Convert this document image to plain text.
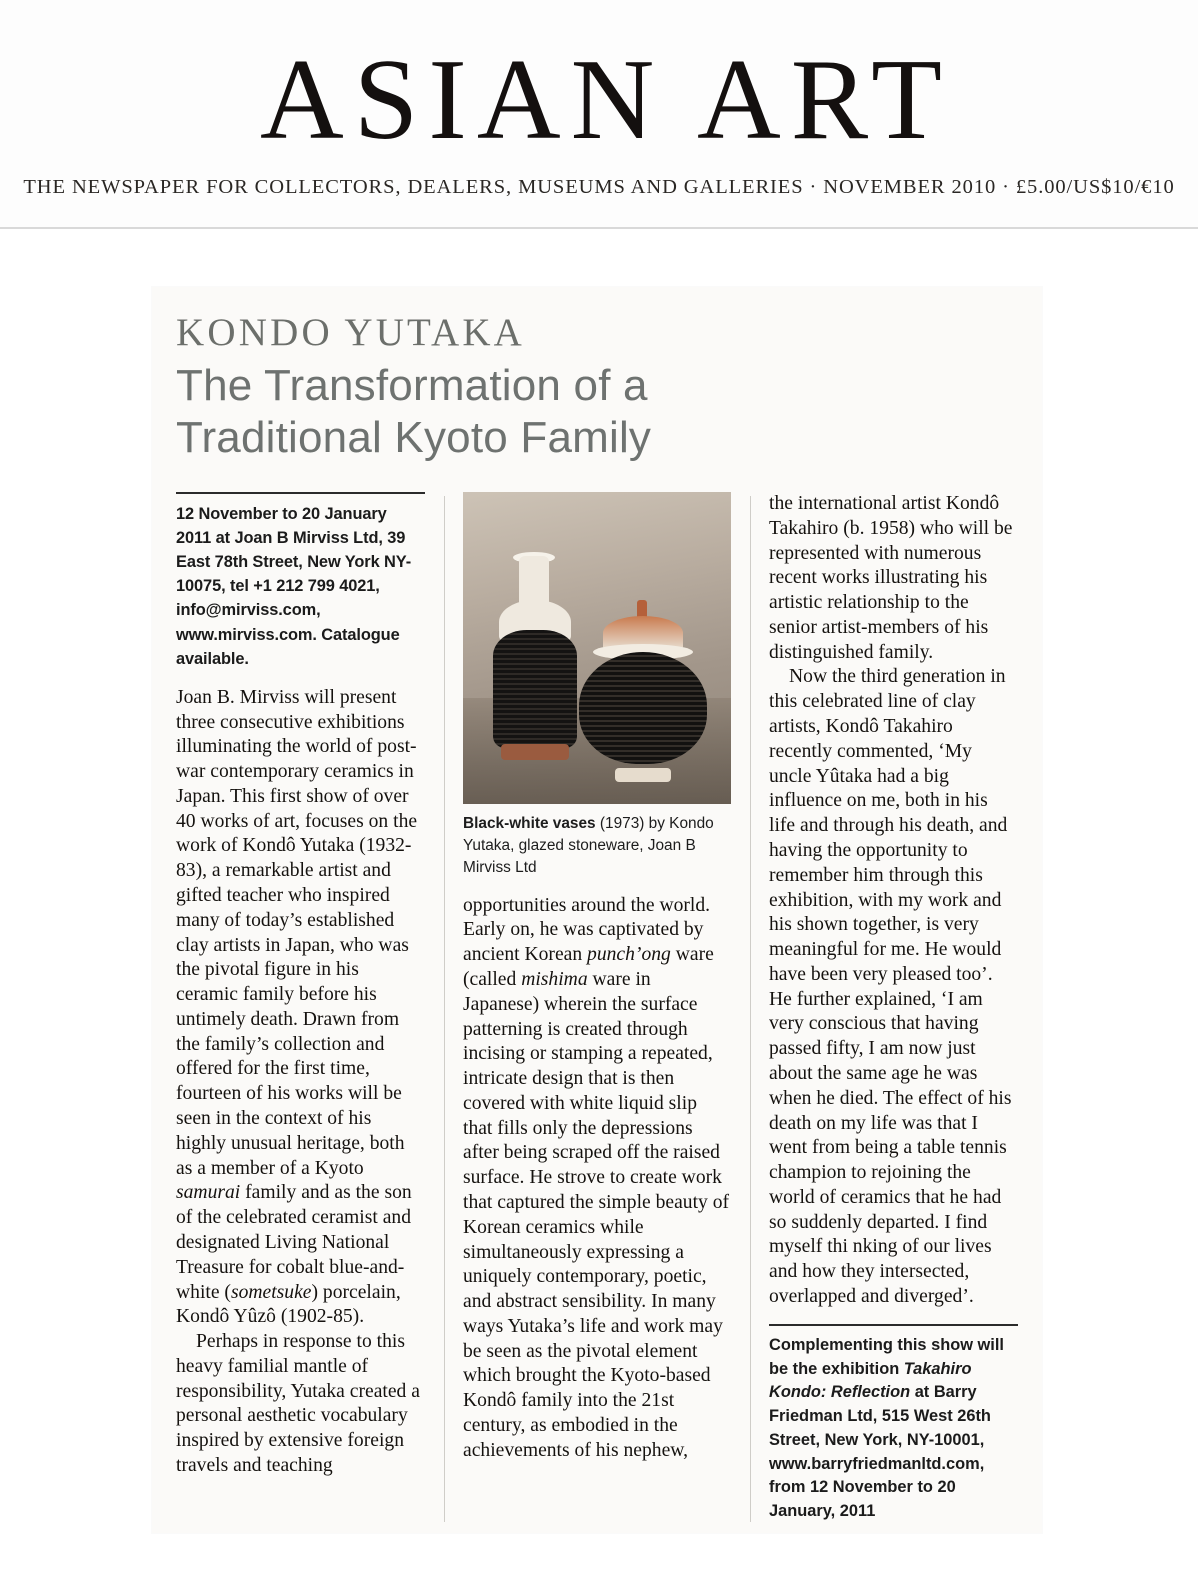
ASIAN ART
THE NEWSPAPER FOR COLLECTORS, DEALERS, MUSEUMS AND GALLERIES · NOVEMBER 2010 · £5.00/US$10/€10
KONDO YUTAKA
The Transformation of a
Traditional Kyoto Family
12 November to 20 January 2011 at Joan B Mirviss Ltd, 39 East 78th Street, New York NY-10075, tel +1 212 799 4021, info@mirviss.com, www.mirviss.com. Catalogue available.

Joan B. Mirviss will present three consecutive exhibitions illuminating the world of post-war contemporary ceramics in Japan. This first show of over 40 works of art, focuses on the work of Kondô Yutaka (1932-83), a remarkable artist and gifted teacher who inspired many of today’s established clay artists in Japan, who was the pivotal figure in his ceramic family before his untimely death. Drawn from the family’s collection and offered for the first time, fourteen of his works will be seen in the context of his highly unusual heritage, both as a member of a Kyoto samurai family and as the son of the celebrated ceramist and designated Living National Treasure for cobalt blue-and-white (sometsuke) porcelain, Kondô Yûzô (1902-85).

Perhaps in response to this heavy familial mantle of responsibility, Yutaka created a personal aesthetic vocabulary inspired by extensive foreign travels and teaching

Black-white vases (1973) by Kondo Yutaka, glazed stoneware, Joan B Mirviss Ltd

opportunities around the world. Early on, he was captivated by ancient Korean punch’ong ware (called mishima ware in Japanese) wherein the surface patterning is created through incising or stamping a repeated, intricate design that is then covered with white liquid slip that fills only the depressions after being scraped off the raised surface. He strove to create work that captured the simple beauty of Korean ceramics while simultaneously expressing a uniquely contemporary, poetic, and abstract sensibility. In many ways Yutaka’s life and work may be seen as the pivotal element which brought the Kyoto-based Kondô family into the 21st century, as embodied in the achievements of his nephew,

the international artist Kondô Takahiro (b. 1958) who will be represented with numerous recent works illustrating his artistic relationship to the senior artist-members of his distinguished family.

Now the third generation in this celebrated line of clay artists, Kondô Takahiro recently commented, ‘My uncle Yûtaka had a big influence on me, both in his life and through his death, and having the opportunity to remember him through this exhibition, with my work and his shown together, is very meaningful for me. He would have been very pleased too’. He further explained, ‘I am very conscious that having passed fifty, I am now just about the same age he was when he died. The effect of his death on my life was that I went from being a table tennis champion to rejoining the world of ceramics that he had so suddenly departed. I find myself thi nking of our lives and how they intersected, overlapped and diverged’.

Complementing this show will be the exhibition Takahiro Kondo: Reflection at Barry Friedman Ltd, 515 West 26th Street, New York, NY-10001, www.barryfriedmanltd.com, from 12 November to 20 January, 2011
